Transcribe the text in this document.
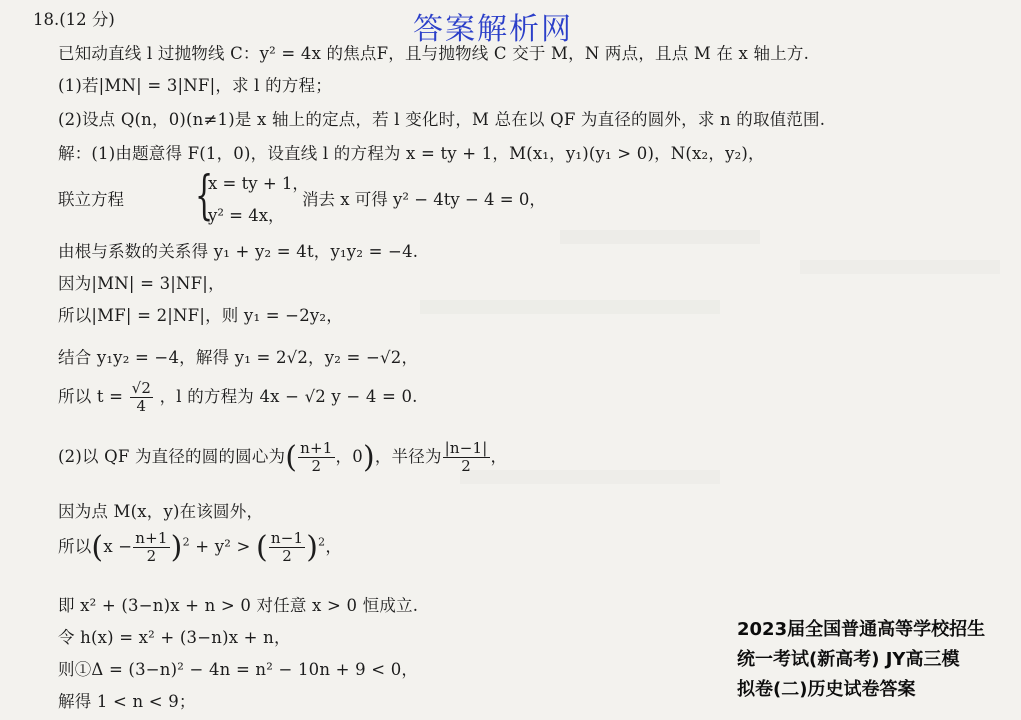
答案解析网
18.(12 分)
已知动直线 l 过抛物线 C：y² = 4x 的焦点F，且与抛物线 C 交于 M，N 两点，且点 M 在 x 轴上方.
(1)若|MN| = 3|NF|，求 l 的方程；
(2)设点 Q(n，0)(n≠1)是 x 轴上的定点，若 l 变化时，M 总在以 QF 为直径的圆外，求 n 的取值范围.
解：(1)由题意得 F(1，0)，设直线 l 的方程为 x = ty + 1，M(x₁，y₁)(y₁ > 0)，N(x₂，y₂)，
联立方程 {
x = ty + 1，
y² = 4x，
消去 x 可得 y² − 4ty − 4 = 0，
由根与系数的关系得 y₁ + y₂ = 4t，y₁y₂ = −4.
因为|MN| = 3|NF|，
所以|MF| = 2|NF|，则 y₁ = −2y₂，
结合 y₁y₂ = −4，解得 y₁ = 2√2，y₂ = −√2，
所以 $t = \frac{√2}{4}$ ，l 的方程为 4x − √2 y − 4 = 0.
(2)以 QF 为直径的圆的圆心为( $\frac{n+1}{2}$ ，0)，半径为 $\frac{|n-1|}{2}$ ，
因为点 M(x，y)在该圆外，
所以$(x - \frac{n+1}{2} )^2 + y^2$ > ( $\frac{n-1}{2} )^2$，
即 x² + (3−n)x + n > 0 对任意 x > 0 恒成立.
令 h(x) = x² + (3−n)x + n，
则①Δ = (3−n)² − 4n = n² − 10n + 9 < 0，
解得 1 < n < 9；
2023届全国普通高等学校招生
统一考试(新高考) JY高三模
拟卷(二)历史试卷答案
